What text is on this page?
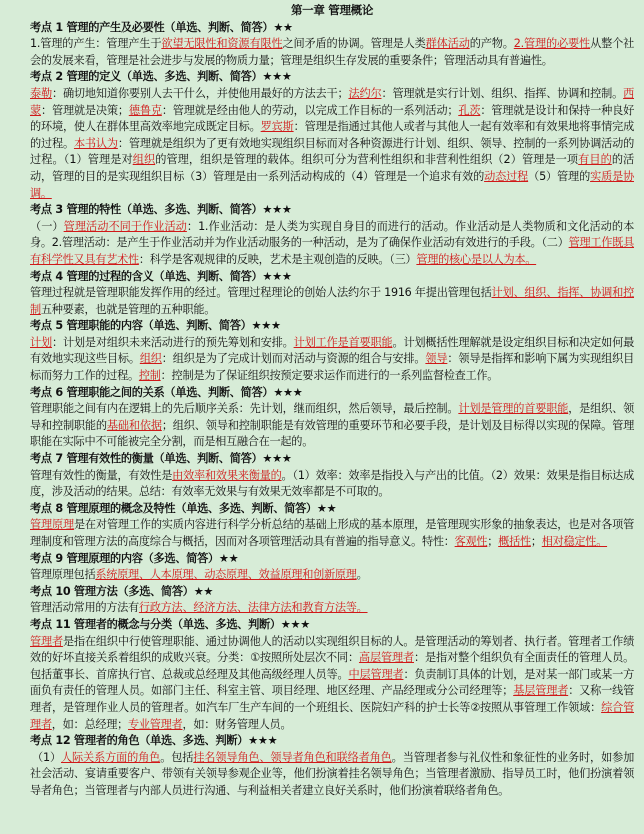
第一章 管理概论
考点 1 管理的产生及必要性（单选、判断、简答）★★
1.管理的产生：管理产生于欲望无限性和资源有限性之间矛盾的协调。管理是人类群体活动的产物。2.管理的必要性从整个社会的发展来看，管理是社会进步与发展的物质力量；管理是组织生存发展的重要条件；管理活动具有普遍性。
考点 2 管理的定义（单选、多选、判断、简答）★★★
泰勒：确切地知道你要别人去干什么，并使他用最好的方法去干；法约尔：管理就是实行计划、组织、指挥、协调和控制。西蒙：管理就是决策；德鲁克：管理就是经由他人的劳动，以完成工作目标的一系列活动；孔茨：管理就是设计和保持一种良好的环境，使人在群体里高效率地完成既定目标。罗宾斯：管理是指通过其他人或者与其他人一起有效率和有效果地将事情完成的过程。本书认为：管理就是组织为了更有效地实现组织目标而对各种资源进行计划、组织、领导、控制的一系列协调活动的过程。（1）管理是对组织的管理，组织是管理的载体。组织可分为营利性组织和非营利性组织（2）管理是一项有目的的活动，管理的目的是实现组织目标（3）管理是由一系列活动构成的（4）管理是一个追求有效的动态过程（5）管理的实质是协调。
考点 3 管理的特性（单选、多选、判断、简答）★★★
（一）管理活动不同于作业活动：1.作业活动：是人类为实现自身目的而进行的活动。作业活动是人类物质和文化活动的本身。2.管理活动：是产生于作业活动并为作业活动服务的一种活动，是为了确保作业活动有效进行的手段。（二）管理工作既具有科学性又具有艺术性：科学是客观规律的反映，艺术是主观创造的反映。（三）管理的核心是以人为本。
考点 4 管理的过程的含义（单选、判断、简答）★★★
管理过程就是管理职能发挥作用的经过。管理过程理论的创始人法约尔于 1916 年提出管理包括计划、组织、指挥、协调和控制五种要素，也就是管理的五种职能。
考点 5 管理职能的内容（单选、判断、简答）★★★
计划：计划是对组织未来活动进行的预先筹划和安排。计划工作是首要职能。计划概括性理解就是设定组织目标和决定如何最有效地实现这些目标。组织：组织是为了完成计划而对活动与资源的组合与安排。领导：领导是指挥和影响下属为实现组织目标而努力工作的过程。控制：控制是为了保证组织按预定要求运作而进行的一系列监督检查工作。
考点 6 管理职能之间的关系（单选、判断、简答）★★★
管理职能之间有内在逻辑上的先后顺序关系：先计划，继而组织，然后领导，最后控制。计划是管理的首要职能，是组织、领导和控制职能的基础和依据；组织、领导和控制职能是有效管理的重要环节和必要手段，是计划及目标得以实现的保障。管理职能在实际中不可能被完全分割，而是相互融合在一起的。
考点 7 管理有效性的衡量（单选、判断、简答）★★★
管理有效性的衡量，有效性是由效率和效果来衡量的。（1）效率：效率是指投入与产出的比值。（2）效果：效果是指目标达成度，涉及活动的结果。总结：有效率无效果与有效果无效率都是不可取的。
考点 8 管理原理的概念及特性（单选、多选、判断、简答）★★
管理原理是在对管理工作的实质内容进行科学分析总结的基础上形成的基本原理，是管理现实形象的抽象表达，也是对各项管理制度和管理方法的高度综合与概括，因而对各项管理活动具有普遍的指导意义。特性：客观性；概括性；相对稳定性。
考点 9 管理原理的内容（多选、简答）★★
管理原理包括系统原理、人本原理、动态原理、效益原理和创新原理。
考点 10 管理方法（多选、简答）★★
管理活动常用的方法有行政方法、经济方法、法律方法和教育方法等。
考点 11 管理者的概念与分类（单选、多选、判断）★★★
管理者是指在组织中行使管理职能、通过协调他人的活动以实现组织目标的人。是管理活动的筹划者、执行者。管理者工作绩效的好坏直接关系着组织的成败兴衰。分类：①按照所处层次不同：高层管理者：是指对整个组织负有全面责任的管理人员。包括董事长、首席执行官、总裁或总经理及其他高级经理人员等。中层管理者：负责制订具体的计划，是对某一部门或某一方面负有责任的管理人员。如部门主任、科室主管、项目经理、地区经理、产品经理或分公司经理等；基层管理者：又称一线管理者，是管理作业人员的管理者。如汽车厂生产车间的一个班组长、医院妇产科的护士长等②按照从事管理工作领域：综合管理者，如：总经理；专业管理者，如：财务管理人员。
考点 12 管理者的角色（单选、多选、判断）★★★
（1）人际关系方面的角色。包括挂名领导角色、领导者角色和联络者角色。当管理者参与礼仪性和象征性的业务时，如参加社会活动、宴请重要客户、带领有关领导参观企业等，他们扮演着挂名领导角色；当管理者激励、指导员工时，他们扮演着领导者角色；当管理者与内部人员进行沟通、与利益相关者建立良好关系时，他们扮演着联络者角色。
